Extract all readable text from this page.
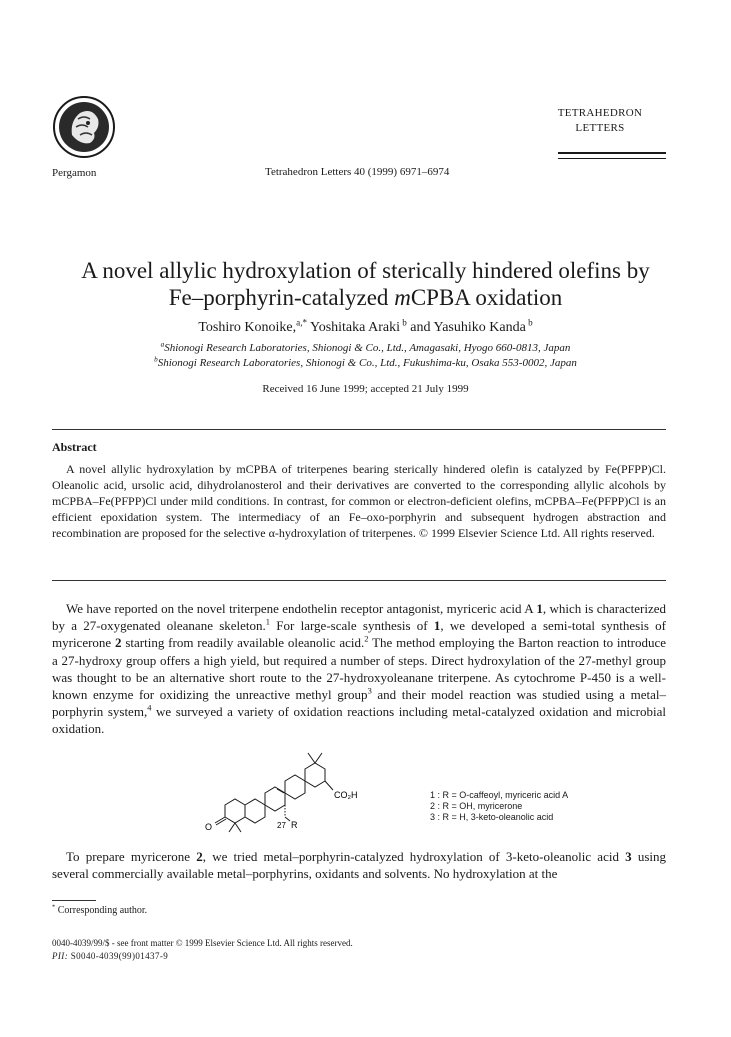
Pergamon	Tetrahedron Letters 40 (1999) 6971–6974
TETRAHEDRON
LETTERS
A novel allylic hydroxylation of sterically hindered olefins by
Fe–porphyrin-catalyzed mCPBA oxidation
Toshiro Konoike,$^{a,*}$ Yoshitaka Araki $^b$ and Yasuhiko Kanda $^b$
$^a$Shionogi Research Laboratories, Shionogi & Co., Ltd., Amagasaki, Hyogo 660-0813, Japan
$^b$Shionogi Research Laboratories, Shionogi & Co., Ltd., Fukushima-ku, Osaka 553-0002, Japan
Received 16 June 1999; accepted 21 July 1999
Abstract
A novel allylic hydroxylation by mCPBA of triterpenes bearing sterically hindered olefin is catalyzed by Fe(PFPP)Cl. Oleanolic acid, ursolic acid, dihydrolanosterol and their derivatives are converted to the corresponding allylic alcohols by mCPBA–Fe(PFPP)Cl under mild conditions. In contrast, for common or electron-deficient olefins, mCPBA–Fe(PFPP)Cl is an efficient epoxidation system. The intermediacy of an Fe–oxo-porphyrin and subsequent hydrogen abstraction and recombination are proposed for the selective α-hydroxylation of triterpenes. © 1999 Elsevier Science Ltd. All rights reserved.
We have reported on the novel triterpene endothelin receptor antagonist, myriceric acid A 1, which is characterized by a 27-oxygenated oleanane skeleton.$^1$ For large-scale synthesis of 1, we developed a semi-total synthesis of myricerone 2 starting from readily available oleanolic acid.$^2$ The method employing the Barton reaction to introduce a 27-hydroxy group offers a high yield, but required a number of steps. Direct hydroxylation of the 27-methyl group was thought to be an alternative short route to the 27-hydroxyoleanane triterpene. As cytochrome P-450 is a well-known enzyme for oxidizing the unreactive methyl group$^3$ and their model reaction was studied using a metal–porphyrin system,$^4$ we surveyed a variety of oxidation reactions including metal-catalyzed oxidation and microbial oxidation.
CO₂H
27 R
O
1 : R = O-caffeoyl, myriceric acid A
2 : R = OH, myricerone
3 : R = H, 3-keto-oleanolic acid
To prepare myricerone 2, we tried metal–porphyrin-catalyzed hydroxylation of 3-keto-oleanolic acid 3 using several commercially available metal–porphyrins, oxidants and solvents. No hydroxylation at the
* Corresponding author.
0040-4039/99/$ - see front matter © 1999 Elsevier Science Ltd. All rights reserved.
PII: S0040-4039(99)01437-9
